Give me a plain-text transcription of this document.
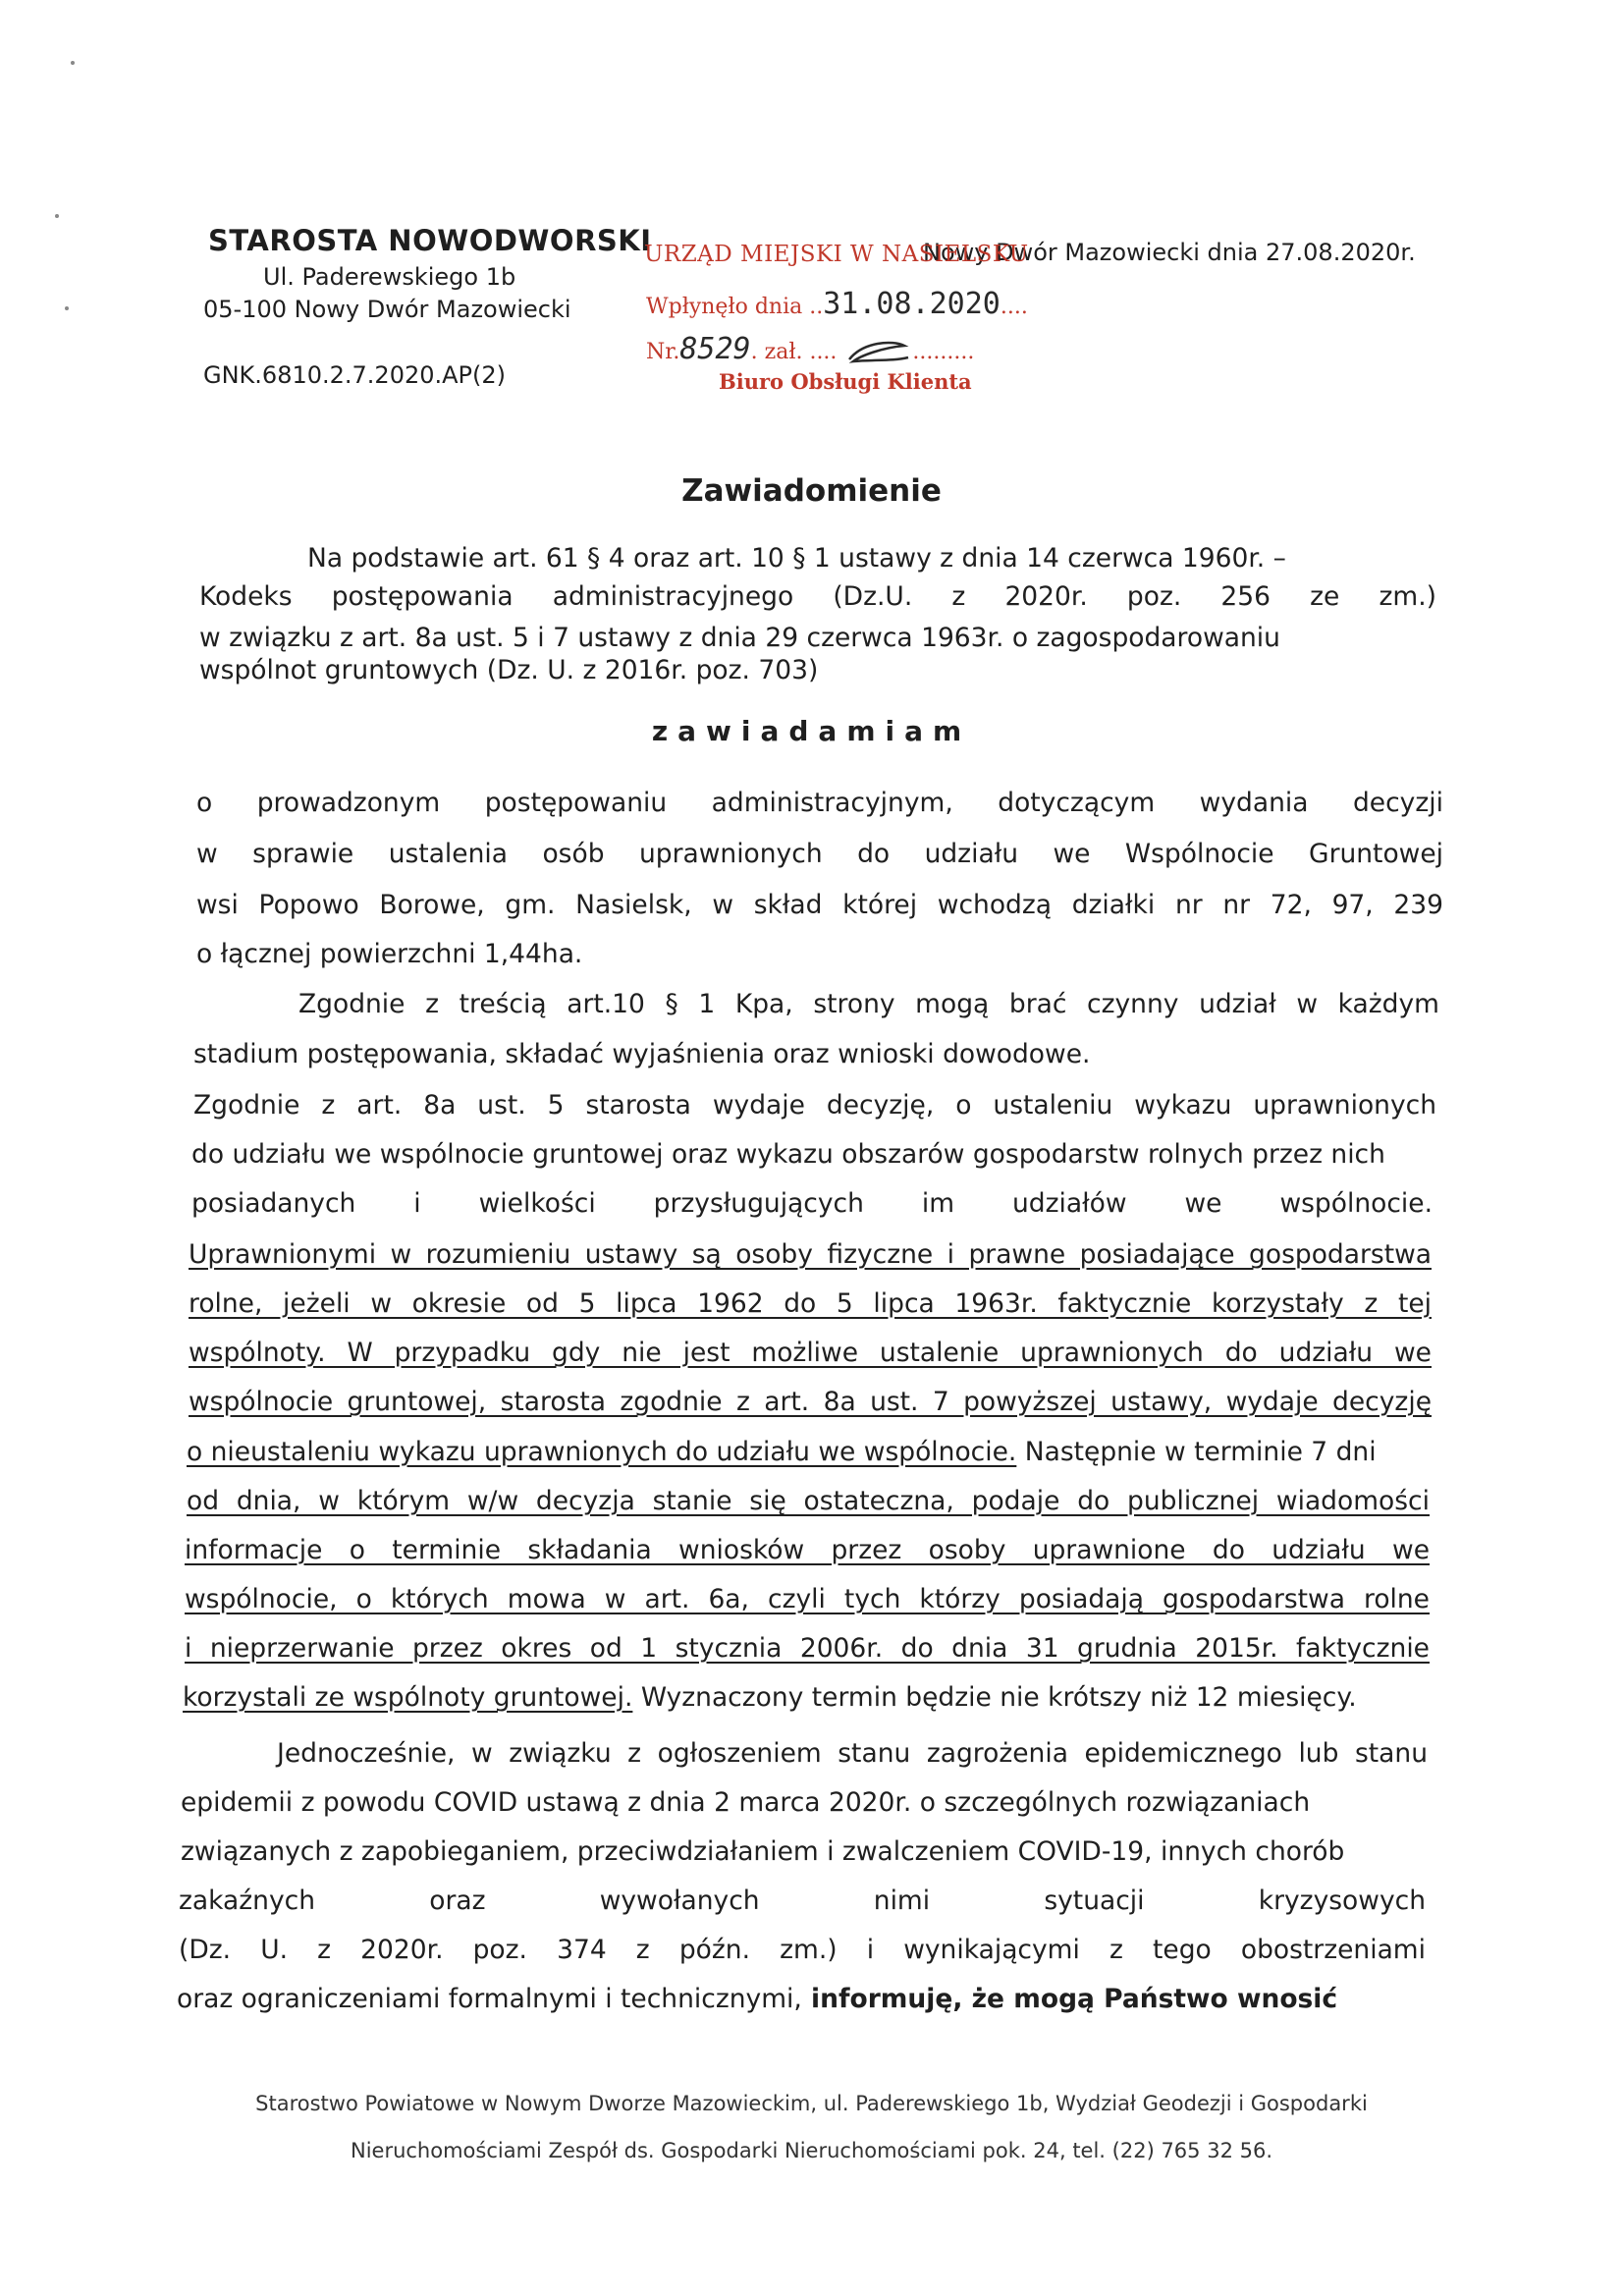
STAROSTA NOWODWORSKI
Ul. Paderewskiego 1b
05-100 Nowy Dwór Mazowiecki
GNK.6810.2.7.2020.AP(2)
Nowy Dwór Mazowiecki dnia 27.08.2020r.
URZĄD MIEJSKI W NASIELSKU
Wpłynęło dnia ..31.08.2020....
Nr.8529. zał. ....	.........
Biuro Obsługi Klienta
Zawiadomienie
Na podstawie art. 61 § 4 oraz art. 10 § 1 ustawy z dnia 14 czerwca 1960r. –
Kodeks postępowania administracyjnego (Dz.U. z 2020r. poz. 256 ze zm.)
w związku z art. 8a ust. 5 i 7 ustawy z dnia 29 czerwca 1963r. o zagospodarowaniu
wspólnot gruntowych (Dz. U. z 2016r. poz. 703)
zawiadamiam
o prowadzonym postępowaniu administracyjnym, dotyczącym wydania decyzji
w sprawie ustalenia osób uprawnionych do udziału we Wspólnocie Gruntowej
wsi Popowo Borowe, gm. Nasielsk, w skład której wchodzą działki nr nr 72, 97, 239
o łącznej powierzchni 1,44ha.
Zgodnie z treścią art.10 § 1 Kpa, strony mogą brać czynny udział w każdym
stadium postępowania, składać wyjaśnienia oraz wnioski dowodowe.
Zgodnie z art. 8a ust. 5 starosta wydaje decyzję, o ustaleniu wykazu uprawnionych
do udziału we wspólnocie gruntowej oraz wykazu obszarów gospodarstw rolnych przez nich
posiadanych i wielkości przysługujących im udziałów we wspólnocie.
Uprawnionymi w rozumieniu ustawy są osoby fizyczne i prawne posiadające gospodarstwa
rolne, jeżeli w okresie od 5 lipca 1962 do 5 lipca 1963r. faktycznie korzystały z tej
wspólnoty. W przypadku gdy nie jest możliwe ustalenie uprawnionych do udziału we
wspólnocie gruntowej, starosta zgodnie z art. 8a ust. 7 powyższej ustawy, wydaje decyzję
o nieustaleniu wykazu uprawnionych do udziału we wspólnocie. Następnie w terminie 7 dni
od dnia, w którym w/w decyzja stanie się ostateczna, podaje do publicznej wiadomości
informacje o terminie składania wniosków przez osoby uprawnione do udziału we
wspólnocie, o których mowa w art. 6a, czyli tych którzy posiadają gospodarstwa rolne
i nieprzerwanie przez okres od 1 stycznia 2006r. do dnia 31 grudnia 2015r. faktycznie
korzystali ze wspólnoty gruntowej. Wyznaczony termin będzie nie krótszy niż 12 miesięcy.
Jednocześnie, w związku z ogłoszeniem stanu zagrożenia epidemicznego lub stanu
epidemii z powodu COVID ustawą z dnia 2 marca 2020r. o szczególnych rozwiązaniach
związanych z zapobieganiem, przeciwdziałaniem i zwalczeniem COVID-19, innych chorób
zakaźnych oraz wywołanych nimi sytuacji kryzysowych
(Dz. U. z 2020r. poz. 374 z późn. zm.) i wynikającymi z tego obostrzeniami
oraz ograniczeniami formalnymi i technicznymi, informuję, że mogą Państwo wnosić
Starostwo Powiatowe w Nowym Dworze Mazowieckim, ul. Paderewskiego 1b, Wydział Geodezji i Gospodarki
Nieruchomościami Zespół ds. Gospodarki Nieruchomościami pok. 24, tel. (22) 765 32 56.
